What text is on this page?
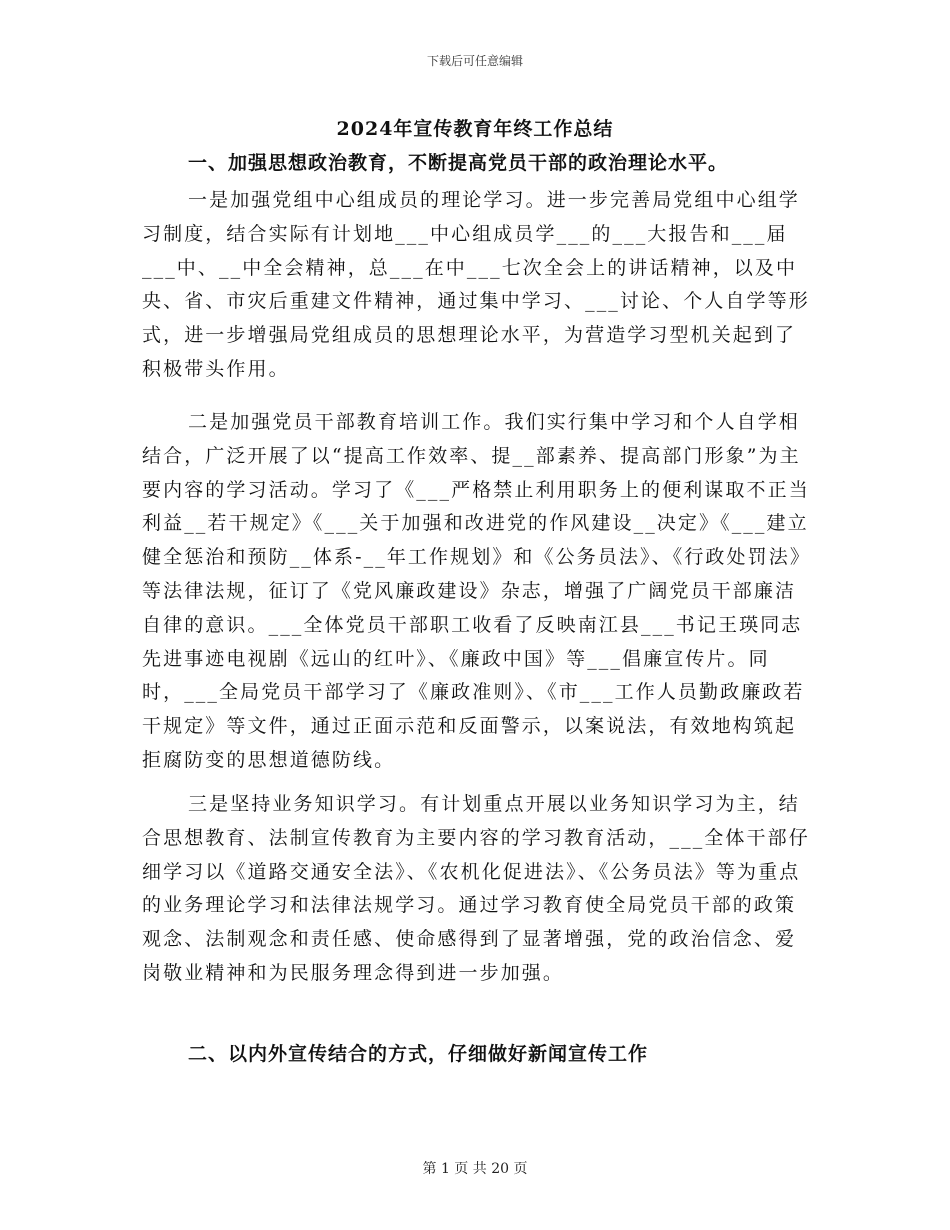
下载后可任意编辑
2024年宣传教育年终工作总结
一、加强思想政治教育，不断提高党员干部的政治理论水平。

一是加强党组中心组成员的理论学习。进一步完善局党组中心组学习制度，结合实际有计划地___中心组成员学___的___大报告和___届___中、__中全会精神，总___在中___七次全会上的讲话精神，以及中央、省、市灾后重建文件精神，通过集中学习、___讨论、个人自学等形式，进一步增强局党组成员的思想理论水平，为营造学习型机关起到了积极带头作用。

二是加强党员干部教育培训工作。我们实行集中学习和个人自学相结合，广泛开展了以“提高工作效率、提__部素养、提高部门形象”为主要内容的学习活动。学习了《___严格禁止利用职务上的便利谋取不正当利益__若干规定》《___关于加强和改进党的作风建设__决定》《___建立健全惩治和预防__体系-__年工作规划》和《公务员法》、《行政处罚法》等法律法规，征订了《党风廉政建设》杂志，增强了广阔党员干部廉洁自律的意识。___全体党员干部职工收看了反映南江县___书记王瑛同志先进事迹电视剧《远山的红叶》、《廉政中国》等___倡廉宣传片。同时，___全局党员干部学习了《廉政准则》、《市___工作人员勤政廉政若干规定》等文件，通过正面示范和反面警示，以案说法，有效地构筑起拒腐防变的思想道德防线。

三是坚持业务知识学习。有计划重点开展以业务知识学习为主，结合思想教育、法制宣传教育为主要内容的学习教育活动，___全体干部仔细学习以《道路交通安全法》、《农机化促进法》、《公务员法》等为重点的业务理论学习和法律法规学习。通过学习教育使全局党员干部的政策观念、法制观念和责任感、使命感得到了显著增强，党的政治信念、爱岗敬业精神和为民服务理念得到进一步加强。

二、以内外宣传结合的方式，仔细做好新闻宣传工作
第 1 页 共 20 页
